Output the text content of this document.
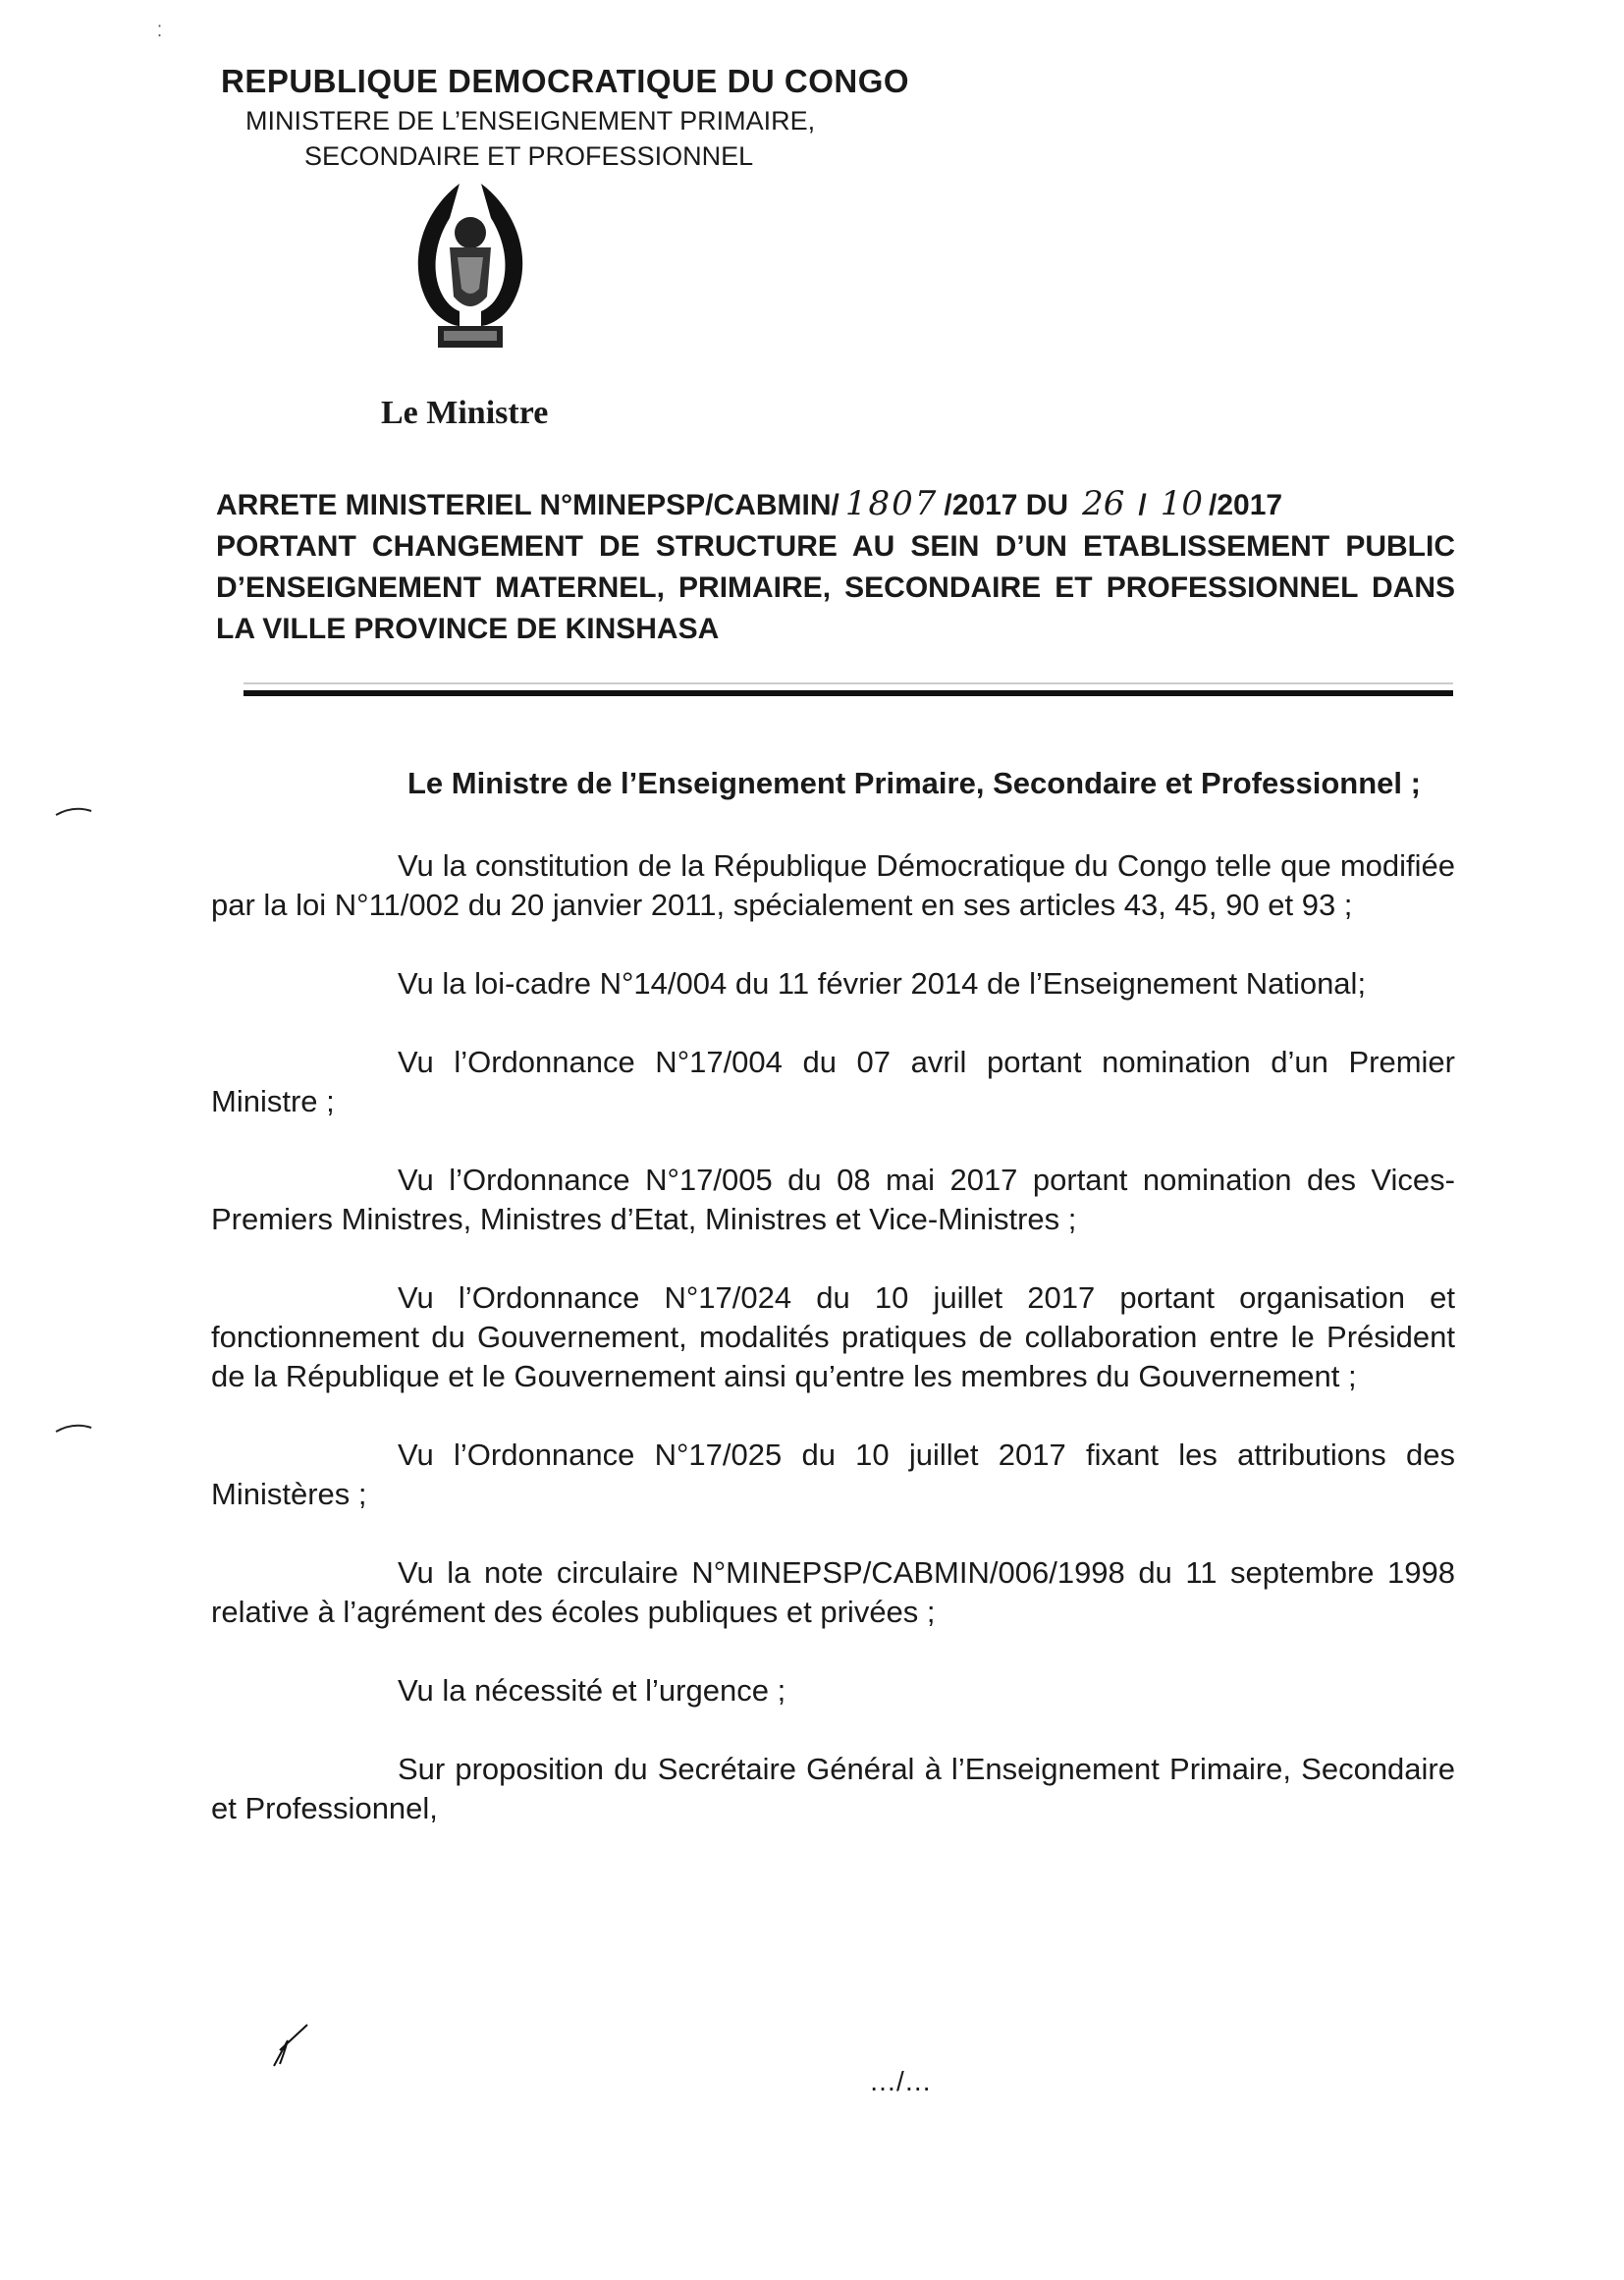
⁚
REPUBLIQUE DEMOCRATIQUE DU CONGO
MINISTERE DE L’ENSEIGNEMENT PRIMAIRE,
SECONDAIRE ET PROFESSIONNEL
Le Ministre
ARRETE MINISTERIEL N°MINEPSP/CABMIN/ 1807 /2017 DU 26 / 10 /2017
PORTANT CHANGEMENT DE STRUCTURE AU SEIN D’UN ETABLISSEMENT PUBLIC D’ENSEIGNEMENT MATERNEL, PRIMAIRE, SECONDAIRE ET PROFESSIONNEL DANS LA VILLE PROVINCE DE KINSHASA

Le Ministre de l’Enseignement Primaire, Secondaire et Professionnel ;

Vu la constitution de la République Démocratique du Congo telle que modifiée par la loi N°11/002 du 20 janvier 2011, spécialement en ses articles 43, 45, 90 et 93 ;

Vu la loi-cadre N°14/004 du 11 février 2014 de l’Enseignement National;

Vu l’Ordonnance N°17/004 du 07 avril portant nomination d’un Premier Ministre ;

Vu l’Ordonnance N°17/005 du 08 mai 2017 portant nomination des Vices-Premiers Ministres, Ministres d’Etat, Ministres et Vice-Ministres ;

Vu l’Ordonnance N°17/024 du 10 juillet 2017 portant organisation et fonctionnement du Gouvernement, modalités pratiques de collaboration entre le Président de la République et le Gouvernement ainsi qu’entre les membres du Gouvernement ;

Vu l’Ordonnance N°17/025 du 10 juillet 2017 fixant les attributions des Ministères ;

Vu la note circulaire N°MINEPSP/CABMIN/006/1998 du 11 septembre 1998 relative à l’agrément des écoles publiques et privées ;

Vu la nécessité et l’urgence ;

Sur proposition du Secrétaire Général à l’Enseignement Primaire, Secondaire et Professionnel,

…/…
